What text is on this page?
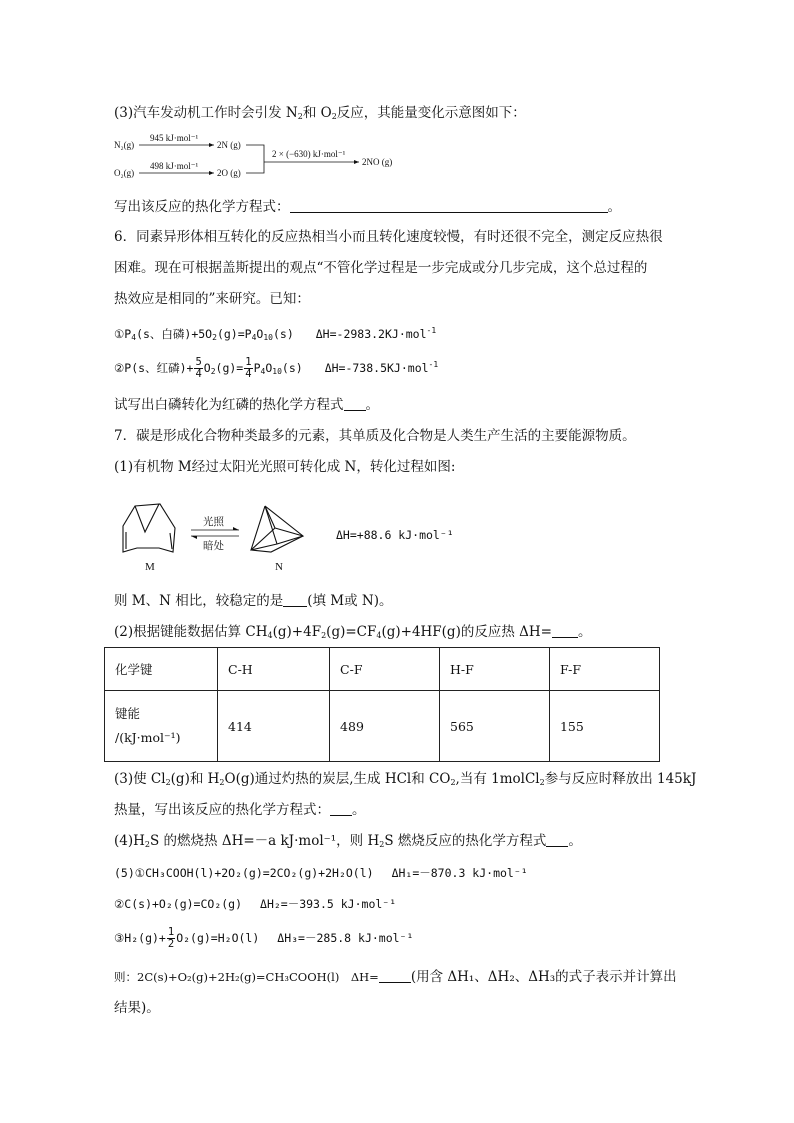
(3)汽车发动机工作时会引发 $N_2$和 $O_2$反应，其能量变化示意图如下：
N₂(g)
945 kJ·mol⁻¹
2N (g)
O₂(g)
498 kJ·mol⁻¹
2O (g)
2 × (−630) kJ·mol⁻¹
2NO (g)
写出该反应的热化学方程式：	。
6．同素异形体相互转化的反应热相当小而且转化速度较慢，有时还很不完全，测定反应热很
困难。现在可根据盖斯提出的观点“不管化学过程是一步完成或分几步完成，这个总过程的
热效应是相同的”来研究。已知：
$①P_4(s$、白磷)$+5O_2(g)=P_4O_{10}(s)$ ΔH=-2983.2KJ·mol$^{-1}$
②P(s、红磷)+ $\frac{5}{4} O_2(g)= \frac{1}{4} P_4O_{10}(s)$ ΔH=-738.5KJ·mol$^{-1}$
试写出白磷转化为红磷的热化学方程式 。
7．碳是形成化合物种类最多的元素，其单质及化合物是人类生产生活的主要能源物质。
(1)有机物 M经过太阳光光照可转化成 N，转化过程如图:
M
光照
暗处
N
ΔH=+88.6 kJ·mol⁻¹
则 M、N 相比，较稳定的是 (填 M或 N)。
(2)根据键能数据估算 $CH_4(g)+4F_2(g)=CF_4(g)+4HF(g)$的反应热 ΔH= 。
化学键	C-H	C-F	H-F	F-F

键能
/(kJ·mol⁻¹)	414	489	565	155
(3)使 $Cl_2(g)$和 $H_2O(g)$通过灼热的炭层,生成 HCl和 $CO_2$,当有 1molCl$_2$参与反应时释放出 145kJ
热量，写出该反应的热化学方程式： 。
$(4)H_2S$ 的燃烧热 ΔH=－a kJ·mol⁻¹，则 $H_2S$ 燃烧反应的热化学方程式 。
(5)①CH₃COOH(l)+2O₂(g)=2CO₂(g)+2H₂O(l) ΔH₁=－870.3 kJ·mol⁻¹
②C(s)+O₂(g)=CO₂(g) ΔH₂=－393.5 kJ·mol⁻¹
③H₂(g)+ $\frac{1}{2} O_2(g)=H_2O(l)$ ΔH₃=－285.8 kJ·mol⁻¹
则：2C(s)+O₂(g)+2H₂(g)=CH₃COOH(l)　ΔH= (用含 ΔH₁、ΔH₂、ΔH₃的式子表示并计算出
结果)。
